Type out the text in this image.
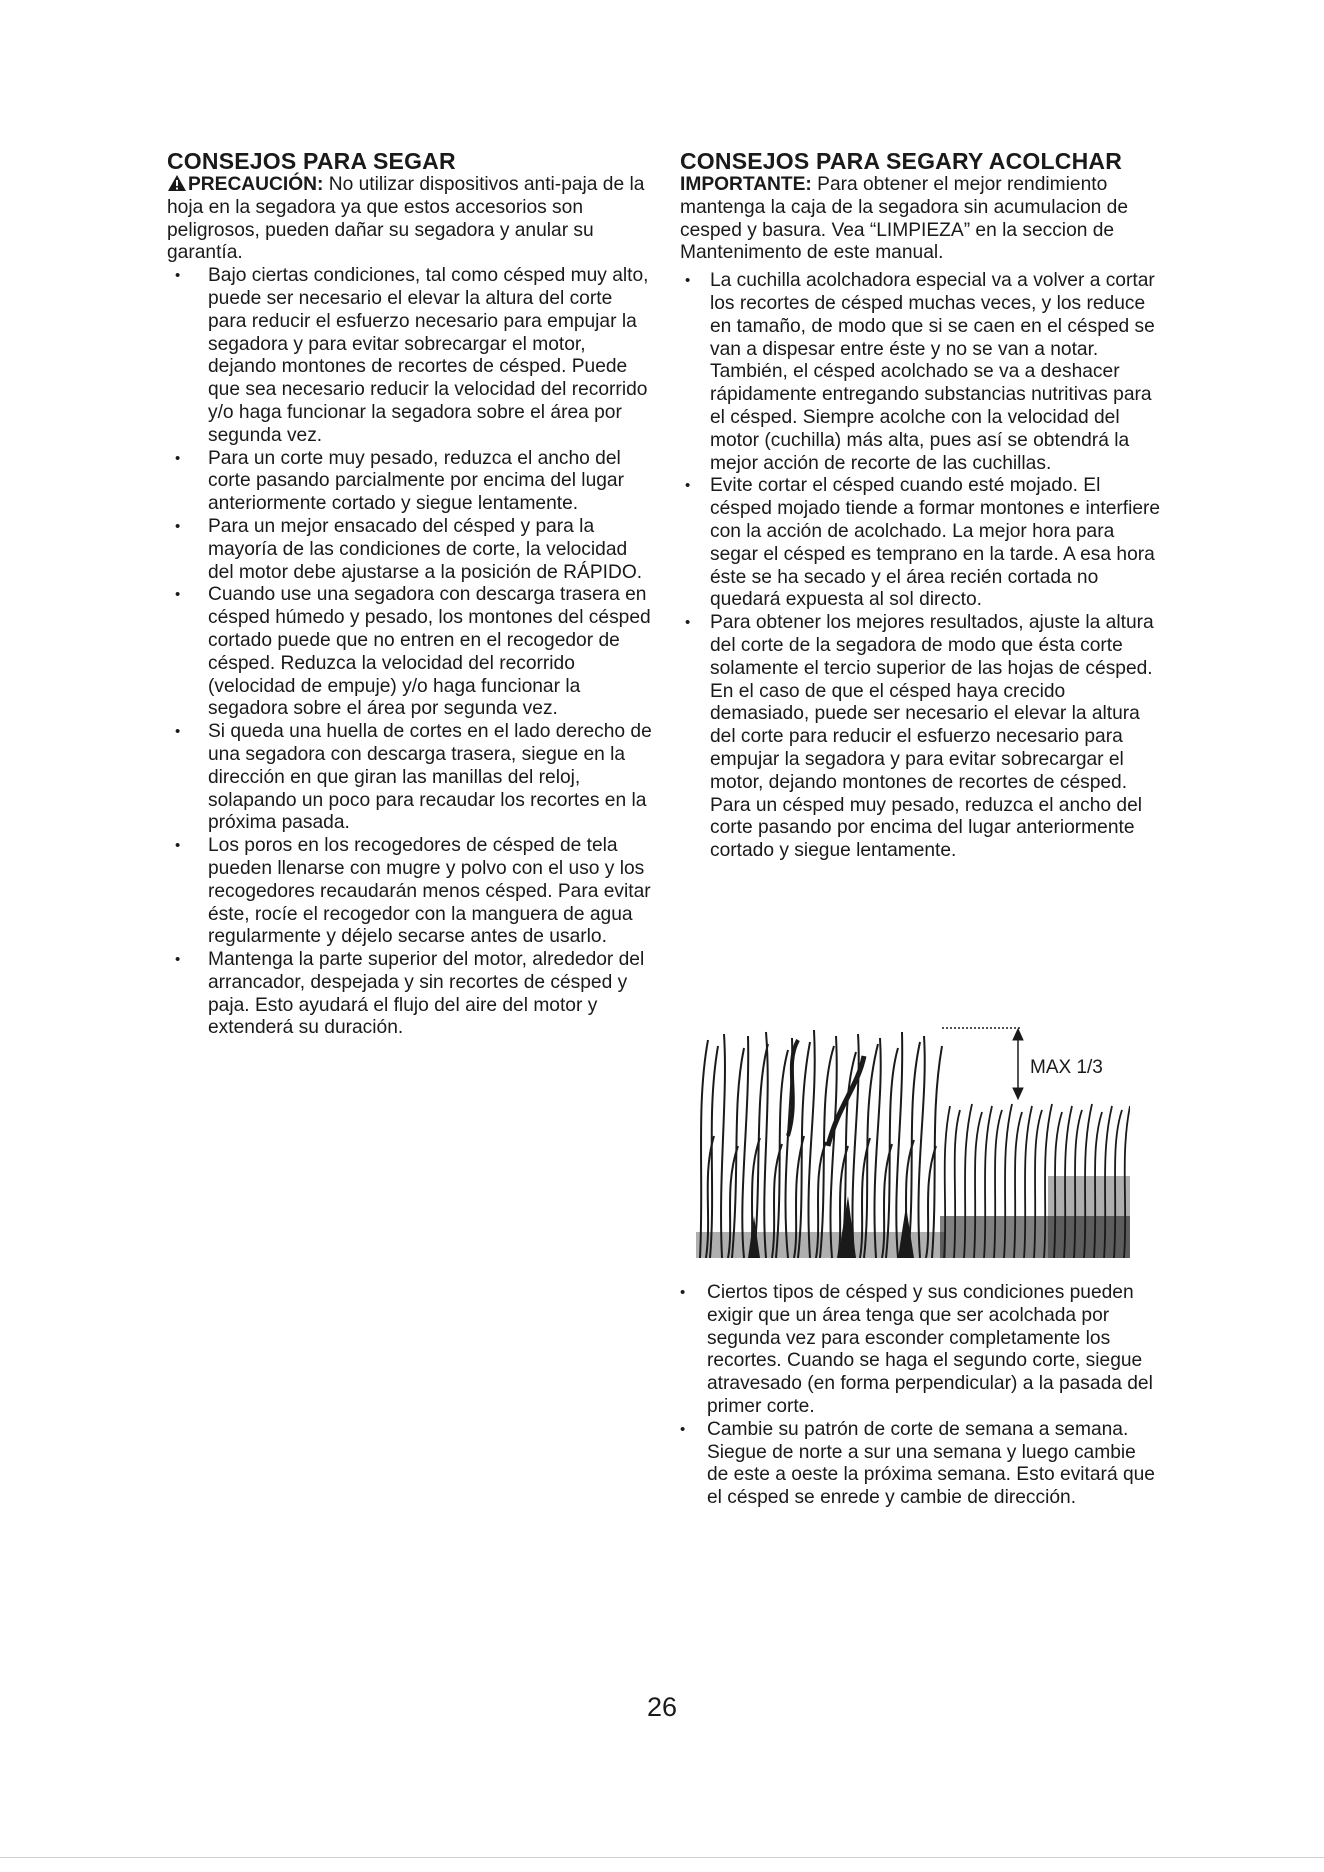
CONSEJOS PARA SEGAR

PRECAUCIÓN: No utilizar dispositivos anti-paja de la hoja en la segadora ya que estos accesorios son peligrosos, pueden dañar su segadora y anular su garantía.

• Bajo ciertas condiciones, tal como césped muy alto, puede ser necesario el elevar la altura del corte para reducir el esfuerzo necesario para empujar la segadora y para evitar sobrecargar el motor, dejando montones de recortes de césped. Puede que sea necesario reducir la velocidad del recorrido y/o haga funcionar la segadora sobre el área por segunda vez.
• Para un corte muy pesado, reduzca el ancho del corte pasando parcialmente por encima del lugar anteriormente cortado y siegue lentamente.
• Para un mejor ensacado del césped y para la mayoría de las condiciones de corte, la velocidad del motor debe ajustarse a la posición de RÁPIDO.
• Cuando use una segadora con descarga trasera en césped húmedo y pesado, los montones del césped cortado puede que no entren en el recogedor de césped. Reduzca la velocidad del recorrido (velocidad de empuje) y/o haga funcionar la segadora sobre el área por segunda vez.
• Si queda una huella de cortes en el lado derecho de una segadora con descarga trasera, siegue en la dirección en que giran las manillas del reloj, solapando un poco para recaudar los recortes en la próxima pasada.
• Los poros en los recogedores de césped de tela pueden llenarse con mugre y polvo con el uso y los recogedores recaudarán menos césped. Para evitar éste, rocíe el recogedor con la manguera de agua regularmente y déjelo secarse antes de usarlo.
• Mantenga la parte superior del motor, alrededor del arrancador, despejada y sin recortes de césped y paja. Esto ayudará el flujo del aire del motor y extenderá su duración.
CONSEJOS PARA SEGARY ACOLCHAR

IMPORTANTE: Para obtener el mejor rendimiento mantenga la caja de la segadora sin acumulacion de cesped y basura. Vea “LIMPIEZA” en la seccion de Mantenimento de este manual.

• La cuchilla acolchadora especial va a volver a cortar los recortes de césped muchas veces, y los reduce en tamaño, de modo que si se caen en el césped se van a dispesar entre éste y no se van a notar. También, el césped acolchado se va a deshacer rápidamente entregando substancias nutritivas para el césped. Siempre acolche con la velocidad del motor (cuchilla) más alta, pues así se obtendrá la mejor acción de recorte de las cuchillas.
• Evite cortar el césped cuando esté mojado. El césped mojado tiende a formar montones e interfiere con la acción de acolchado. La mejor hora para segar el césped es temprano en la tarde. A esa hora éste se ha secado y el área recién cortada no quedará expuesta al sol directo.
• Para obtener los mejores resultados, ajuste la altura del corte de la segadora de modo que ésta corte solamente el tercio superior de las hojas de césped. En el caso de que el césped haya crecido demasiado, puede ser necesario el elevar la altura del corte para reducir el esfuerzo necesario para empujar la segadora y para evitar sobrecargar el motor, dejando montones de recortes de césped. Para un césped muy pesado, reduzca el ancho del corte pasando por encima del lugar anteriormente cortado y siegue lentamente.
MAX 1/3
• Ciertos tipos de césped y sus condiciones pueden exigir que un área tenga que ser acolchada por segunda vez para esconder completamente los recortes. Cuando se haga el segundo corte, siegue atravesado (en forma perpendicular) a la pasada del primer corte.
• Cambie su patrón de corte de semana a semana. Siegue de norte a sur una semana y luego cambie de este a oeste la próxima semana. Esto evitará que el césped se enrede y cambie de dirección.
26
